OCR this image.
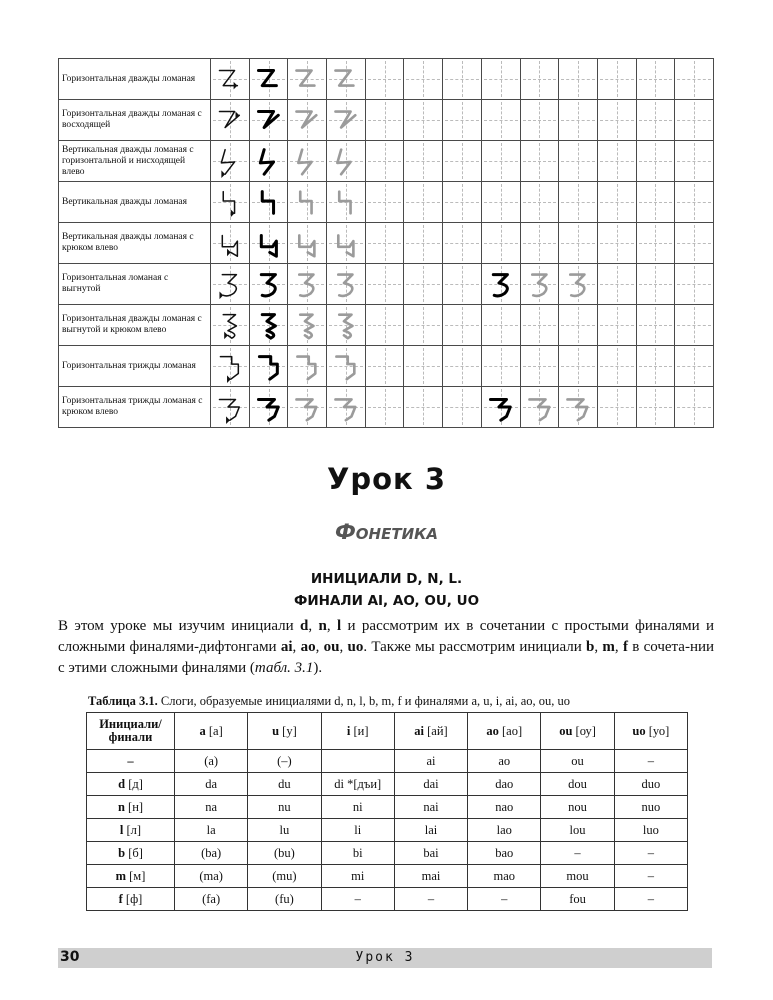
Горизонтальная дважды ломаная	

Горизонтальная дважды ломаная с восходящей	

Вертикальная дважды ломаная с горизонтальной и нисходящей влево	

Вертикальная дважды ломаная	

Вертикальная дважды ломаная с крюком влево	

Горизонтальная ломаная с выгнутой	

Горизонтальная дважды ломаная с выгнутой и крюком влево	

Горизонтальная трижды ломаная	

Горизонтальная трижды ломаная с крюком влево	

Урок 3
Фонетика

ИНИЦИАЛИ D, N, L.

ФИНАЛИ AI, AO, OU, UO

В этом уроке мы изучим инициали d, n, l и рассмотрим их в сочетании с простыми финалями и сложными финалями-дифтонгами ai, ao, ou, uo. Также мы рассмотрим инициали b, m, f в сочета-нии с этими сложными финалями (табл. 3.1).

Таблица 3.1. Слоги, образуемые инициалями d, n, l, b, m, f и финалями a, u, i, ai, ao, ou, uo

Инициали/ финали	a [а]	u [у]	i [и]	ai [ай]	ao [ао]	ou [оу]	uo [уо]
–	(a)	(–)		ai	ao	ou	–
d [д]	da	du	di *[дъи]	dai	dao	dou	duo
n [н]	na	nu	ni	nai	nao	nou	nuo
l [л]	la	lu	li	lai	lao	lou	luo
b [б]	(ba)	(bu)	bi	bai	bao	–	–
m [м]	(ma)	(mu)	mi	mai	mao	mou	–
f [ф]	(fa)	(fu)	–	–	–	fou	–
30	Урок 3
